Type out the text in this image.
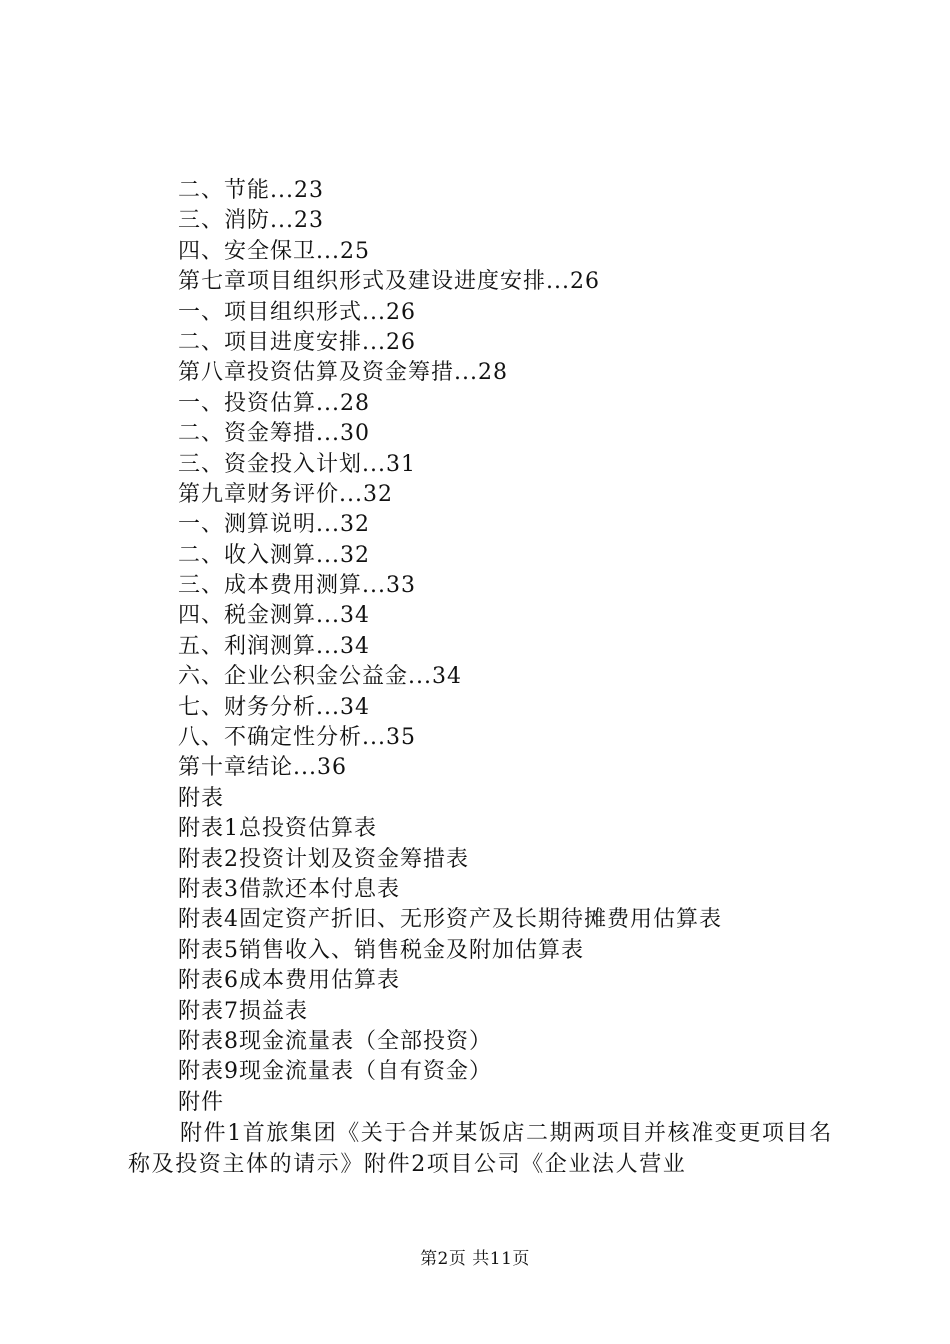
二、节能...23
三、消防...23
四、安全保卫...25
第七章项目组织形式及建设进度安排...26
一、项目组织形式...26
二、项目进度安排...26
第八章投资估算及资金筹措...28
一、投资估算...28
二、资金筹措...30
三、资金投入计划...31
第九章财务评价...32
一、测算说明...32
二、收入测算...32
三、成本费用测算...33
四、税金测算...34
五、利润测算...34
六、企业公积金公益金...34
七、财务分析...34
八、不确定性分析...35
第十章结论...36
附表
附表1总投资估算表
附表2投资计划及资金筹措表
附表3借款还本付息表
附表4固定资产折旧、无形资产及长期待摊费用估算表
附表5销售收入、销售税金及附加估算表
附表6成本费用估算表
附表7损益表
附表8现金流量表（全部投资）
附表9现金流量表（自有资金）
附件

附件1首旅集团《关于合并某饭店二期两项目并核准变更项目名称及投资主体的请示》附件2项目公司《企业法人营业

第2页 共11页
